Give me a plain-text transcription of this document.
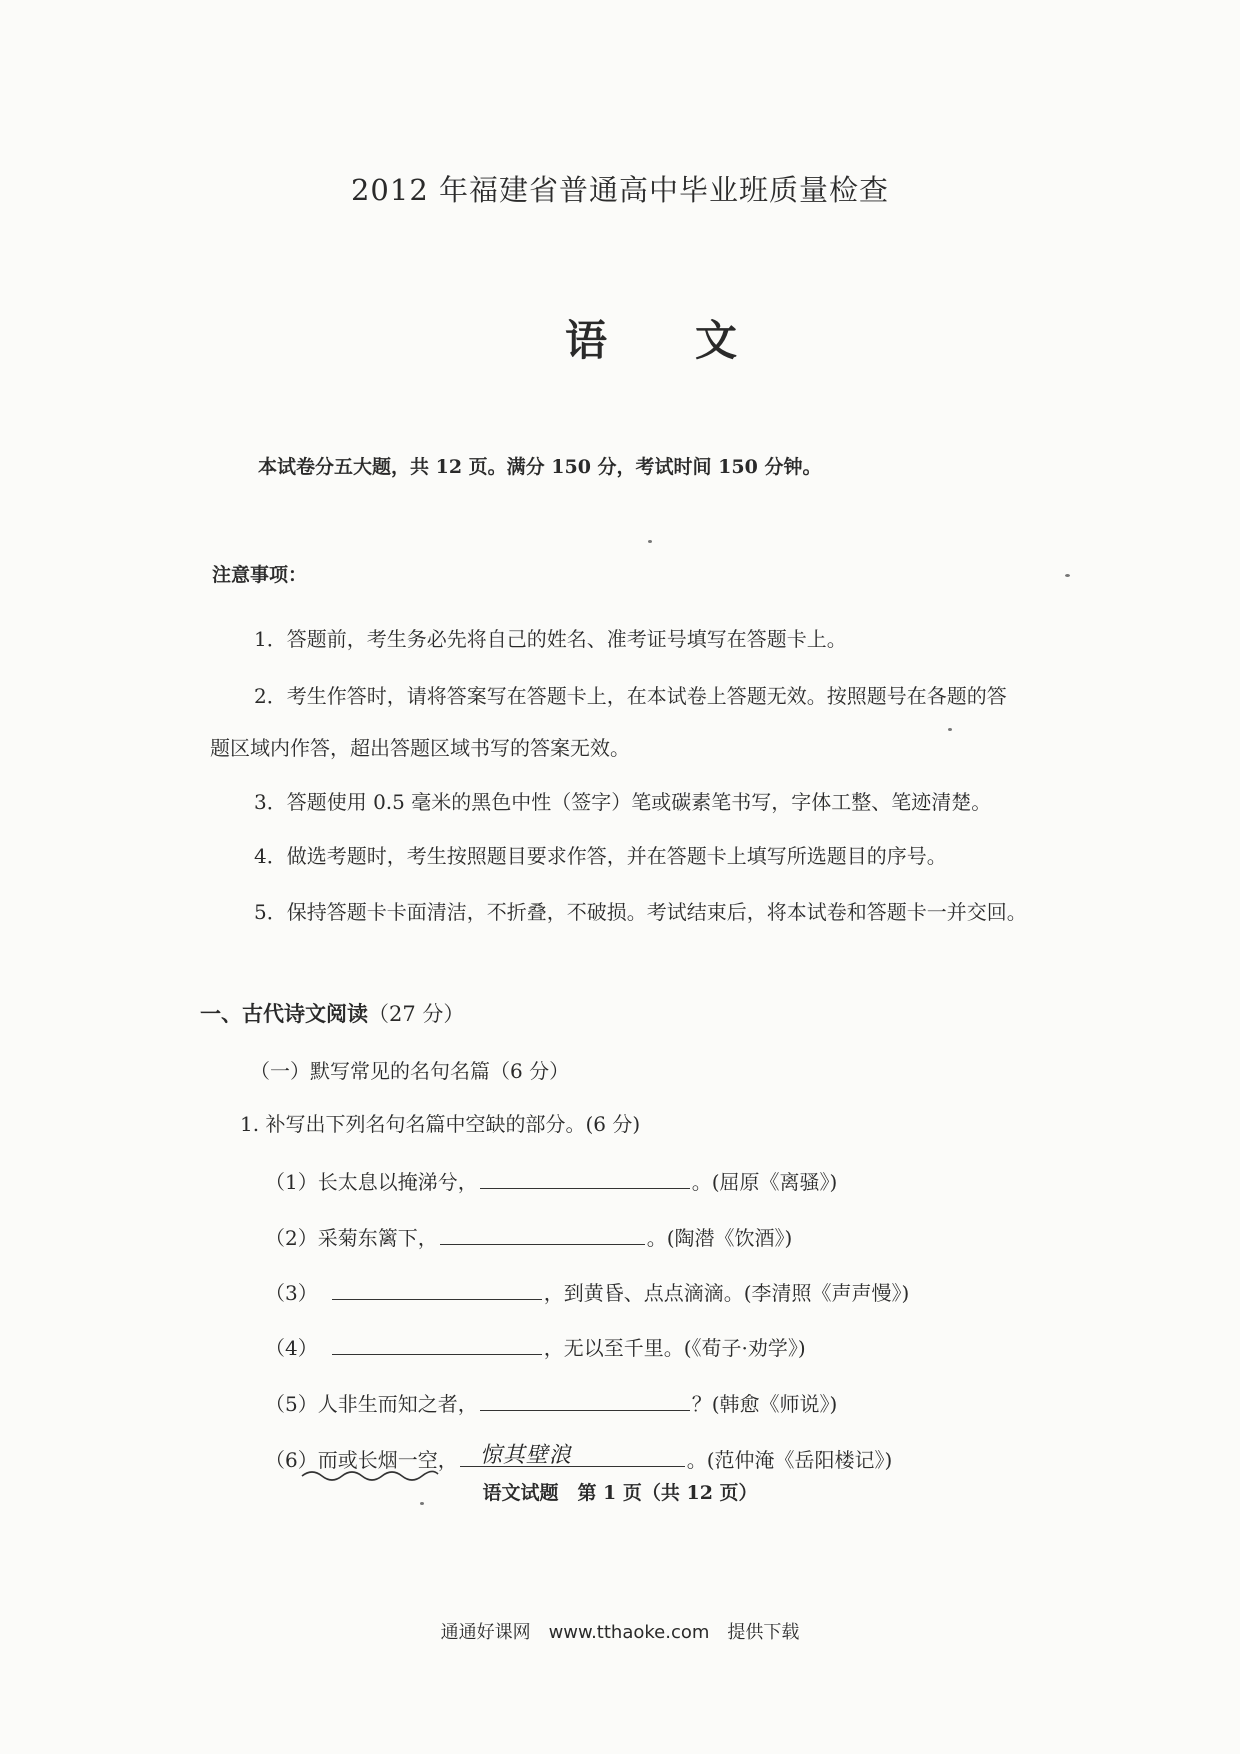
2012 年福建省普通高中毕业班质量检查
语 文
本试卷分五大题，共 12 页。满分 150 分，考试时间 150 分钟。
注意事项：
1．答题前，考生务必先将自己的姓名、准考证号填写在答题卡上。
2．考生作答时，请将答案写在答题卡上，在本试卷上答题无效。按照题号在各题的答
题区域内作答，超出答题区域书写的答案无效。
3．答题使用 0.5 毫米的黑色中性（签字）笔或碳素笔书写，字体工整、笔迹清楚。
4．做选考题时，考生按照题目要求作答，并在答题卡上填写所选题目的序号。
5．保持答题卡卡面清洁，不折叠，不破损。考试结束后，将本试卷和答题卡一并交回。
一、古代诗文阅读（27 分）
（一）默写常见的名句名篇（6 分）
1. 补写出下列名句名篇中空缺的部分。(6 分)
（1） 长太息以掩涕兮，	。(屈原《离骚》)
（2） 采菊东篱下，	。(陶潜《饮酒》)
（3）	，到黄昏、点点滴滴。(李清照《声声慢》)
（4）	，无以至千里。(《荀子·劝学》)
（5） 人非生而知之者，	？(韩愈《师说》)
（6） 而或长烟一空， 惊其壁浪	。(范仲淹《岳阳楼记》)
语文试题　第 1 页（共 12 页）
通通好课网　www.tthaoke.com　提供下载
